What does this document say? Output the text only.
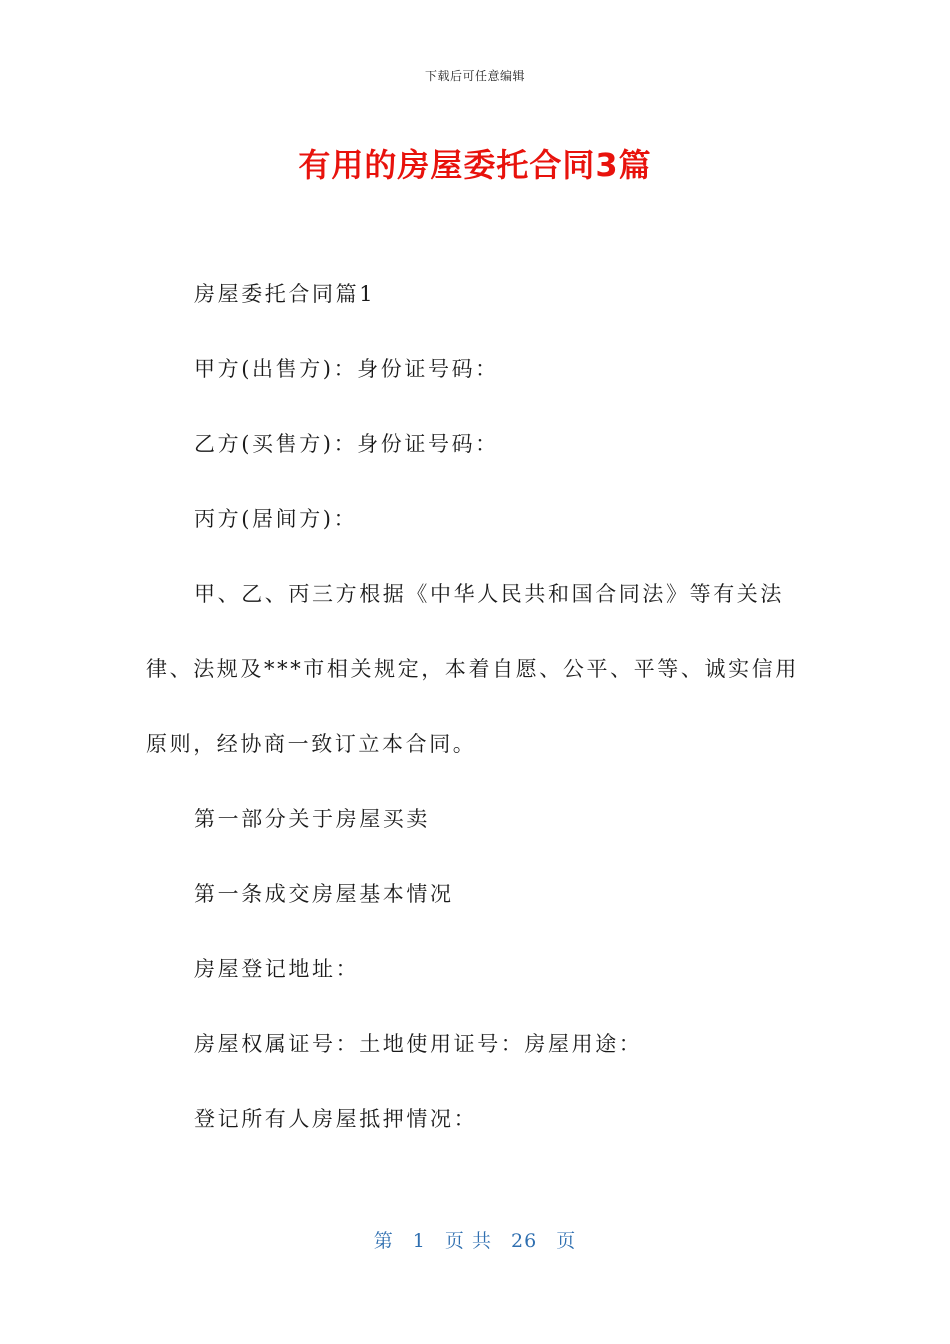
下载后可任意编辑
有用的房屋委托合同3篇

房屋委托合同篇1

甲方(出售方)：身份证号码：

乙方(买售方)：身份证号码：

丙方(居间方)：

甲、乙、丙三方根据《中华人民共和国合同法》等有关法律、法规及***市相关规定，本着自愿、公平、平等、诚实信用原则，经协商一致订立本合同。

第一部分关于房屋买卖

第一条成交房屋基本情况

房屋登记地址：

房屋权属证号：土地使用证号：房屋用途：

登记所有人房屋抵押情况：

第 1 页 共 26 页
